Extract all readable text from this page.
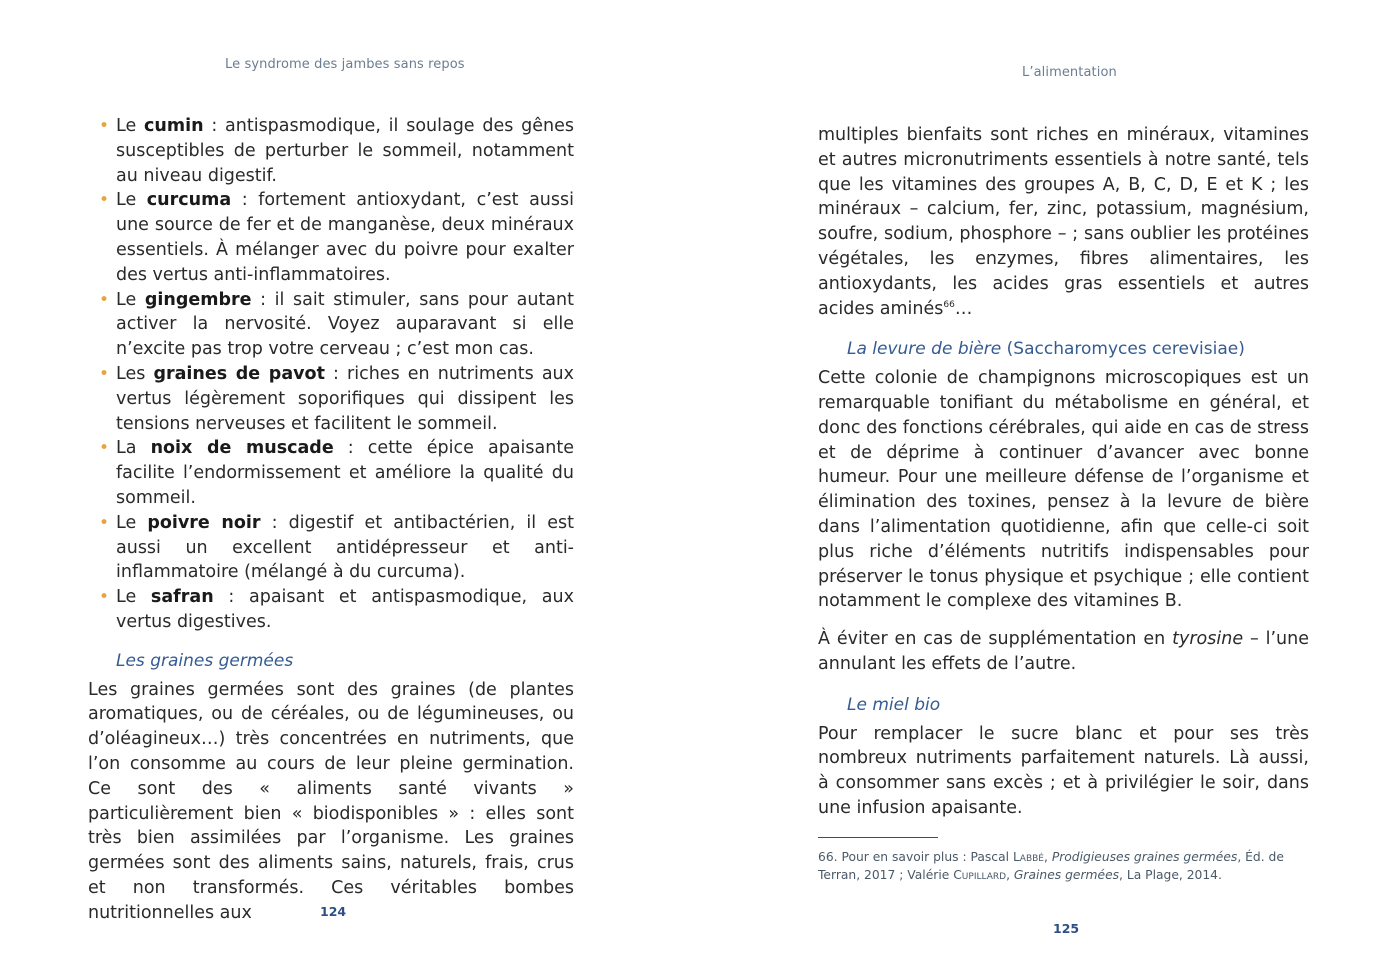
Le syndrome des jambes sans repos
• Le cumin : antispasmodique, il soulage des gênes susceptibles de perturber le sommeil, notamment au niveau digestif.
• Le curcuma : fortement antioxydant, c’est aussi une source de fer et de manganèse, deux minéraux essentiels. À mélanger avec du poivre pour exalter des vertus anti-inflammatoires.
• Le gingembre : il sait stimuler, sans pour autant activer la nervosité. Voyez auparavant si elle n’excite pas trop votre cerveau ; c’est mon cas.
• Les graines de pavot : riches en nutriments aux vertus légèrement soporifiques qui dissipent les tensions nerveuses et facilitent le sommeil.
• La noix de muscade : cette épice apaisante facilite l’endormissement et améliore la qualité du sommeil.
• Le poivre noir : digestif et antibactérien, il est aussi un excellent antidépresseur et anti-inflammatoire (mélangé à du curcuma).
• Le safran : apaisant et antispasmodique, aux vertus digestives.
Les graines germées

Les graines germées sont des graines (de plantes aromatiques, ou de céréales, ou de légumineuses, ou d’oléagineux…) très concentrées en nutriments, que l’on consomme au cours de leur pleine germination. Ce sont des « aliments santé vivants » particulièrement bien « biodisponibles » : elles sont très bien assimilées par l’organisme. Les graines germées sont des aliments sains, naturels, frais, crus et non transformés. Ces véritables bombes nutritionnelles aux	124
L’alimentation

multiples bienfaits sont riches en minéraux, vitamines et autres micronutriments essentiels à notre santé, tels que les vitamines des groupes A, B, C, D, E et K ; les minéraux – calcium, fer, zinc, potassium, magnésium, soufre, sodium, phosphore – ; sans oublier les protéines végétales, les enzymes, fibres alimentaires, les antioxydants, les acides gras essentiels et autres acides aminés$^{66}$…

La levure de bière (Saccharomyces cerevisiae)

Cette colonie de champignons microscopiques est un remarquable tonifiant du métabolisme en général, et donc des fonctions cérébrales, qui aide en cas de stress et de déprime à continuer d’avancer avec bonne humeur. Pour une meilleure défense de l’organisme et élimination des toxines, pensez à la levure de bière dans l’alimentation quotidienne, afin que celle-ci soit plus riche d’éléments nutritifs indispensables pour préserver le tonus physique et psychique ; elle contient notamment le complexe des vitamines B.

À éviter en cas de supplémentation en tyrosine – l’une annulant les effets de l’autre.

Le miel bio

Pour remplacer le sucre blanc et pour ses très nombreux nutriments parfaitement naturels. Là aussi, à consommer sans excès ; et à privilégier le soir, dans une infusion apaisante.

66. Pour en savoir plus : Pascal Labbé, Prodigieuses graines germées, Éd. de Terran, 2017 ; Valérie Cupillard, Graines germées, La Plage, 2014.
125
